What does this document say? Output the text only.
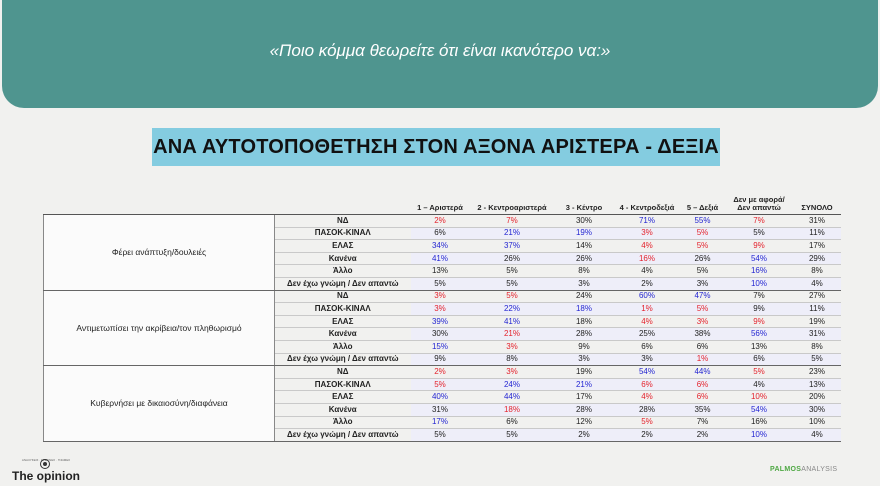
«Ποιο κόμμα θεωρείτε ότι είναι ικανότερο να:»
ΑΝΑ ΑΥΤΟΤΟΠΟΘΕΤΗΣΗ ΣΤΟΝ ΑΞΟΝΑ ΑΡΙΣΤΕΡΑ - ΔΕΞΙΑ
		1 – Αριστερά	2 - Κεντροαριστερά	3 - Κέντρο	4 - Κεντροδεξιά	5 – Δεξιά	Δεν με αφορά/ Δεν απαντώ	ΣΥΝΟΛΟ
Φέρει ανάπτυξη/δουλειές	ΝΔ	2%	7%	30%	71%	55%	7%	31%
	ΠΑΣΟΚ-ΚΙΝΑΛ	6%	21%	19%	3%	5%	5%	11%
	ΕΛΑΣ	34%	37%	14%	4%	5%	9%	17%
	Κανένα	41%	26%	26%	16%	26%	54%	29%
	Άλλο	13%	5%	8%	4%	5%	16%	8%
	Δεν έχω γνώμη / Δεν απαντώ	5%	5%	3%	2%	3%	10%	4%
Αντιμετωπίσει την ακρίβεια/τον πληθωρισμό	ΝΔ	3%	5%	24%	60%	47%	7%	27%
	ΠΑΣΟΚ-ΚΙΝΑΛ	3%	22%	18%	1%	5%	9%	11%
	ΕΛΑΣ	39%	41%	18%	4%	3%	9%	19%
	Κανένα	30%	21%	28%	25%	38%	56%	31%
	Άλλο	15%	3%	9%	6%	6%	13%	8%
	Δεν έχω γνώμη / Δεν απαντώ	9%	8%	3%	3%	1%	6%	5%
Κυβερνήσει με δικαιοσύνη/διαφάνεια	ΝΔ	2%	3%	19%	54%	44%	5%	23%
	ΠΑΣΟΚ-ΚΙΝΑΛ	5%	24%	21%	6%	6%	4%	13%
	ΕΛΑΣ	40%	44%	17%	4%	6%	10%	20%
	Κανένα	31%	18%	28%	28%	35%	54%	30%
	Άλλο	17%	6%	12%	5%	7%	16%	10%
	Δεν έχω γνώμη / Δεν απαντώ	5%	5%	2%	2%	2%	10%	4%
ΑΝΑΛΥΣΕΙΣ · ΕΡΕΥΝΕΣ · ΓΝΩΜΕΣ
The opinion	PALMOSANALYSIS
